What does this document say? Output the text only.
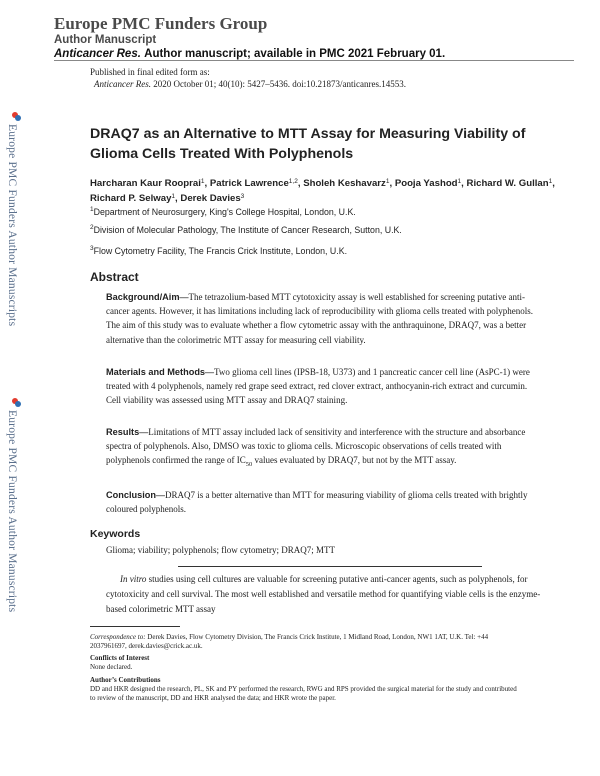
Europe PMC Funders Group
Author Manuscript
Anticancer Res. Author manuscript; available in PMC 2021 February 01.
Published in final edited form as:
Anticancer Res. 2020 October 01; 40(10): 5427–5436. doi:10.21873/anticanres.14553.
Europe PMC Funders Author Manuscripts
Europe PMC Funders Author Manuscripts
DRAQ7 as an Alternative to MTT Assay for Measuring Viability of Glioma Cells Treated With Polyphenols
Harcharan Kaur Rooprai$^1$, Patrick Lawrence$^{1,2}$, Sholeh Keshavarz$^1$, Pooja Yashod$^1$, Richard W. Gullan$^1$, Richard P. Selway$^1$, Derek Davies$^3$
$^1$Department of Neurosurgery, King's College Hospital, London, U.K.
$^2$Division of Molecular Pathology, The Institute of Cancer Research, Sutton, U.K.
$^3$Flow Cytometry Facility, The Francis Crick Institute, London, U.K.
Abstract
Background/Aim—The tetrazolium-based MTT cytotoxicity assay is well established for screening putative anti-cancer agents. However, it has limitations including lack of reproducibility with glioma cells treated with polyphenols. The aim of this study was to evaluate whether a flow cytometric assay with the anthraquinone, DRAQ7, was a better alternative than the colorimetric MTT assay for measuring cell viability.
Materials and Methods—Two glioma cell lines (IPSB-18, U373) and 1 pancreatic cancer cell line (AsPC-1) were treated with 4 polyphenols, namely red grape seed extract, red clover extract, anthocyanin-rich extract and curcumin. Cell viability was assessed using MTT assay and DRAQ7 staining.
Results—Limitations of MTT assay included lack of sensitivity and interference with the structure and absorbance spectra of polyphenols. Also, DMSO was toxic to glioma cells. Microscopic observations of cells treated with polyphenols confirmed the range of $IC_{50}$ values evaluated by DRAQ7, but not by the MTT assay.
Conclusion—DRAQ7 is a better alternative than MTT for measuring viability of glioma cells treated with brightly coloured polyphenols.
Keywords
Glioma; viability; polyphenols; flow cytometry; DRAQ7; MTT
In vitro studies using cell cultures are valuable for screening putative anti-cancer agents, such as polyphenols, for cytotoxicity and cell survival. The most well established and versatile method for quantifying viable cells is the enzyme-based colorimetric MTT assay
Correspondence to: Derek Davies, Flow Cytometry Division, The Francis Crick Institute, 1 Midland Road, London, NW1 1AT, U.K. Tel: +44 2037961697, derek.davies@crick.ac.uk.
Conflicts of Interest
None declared.
Author’s Contributions
DD and HKR designed the research, PL, SK and PY performed the research, RWG and RPS provided the surgical material for the study and contributed to review of the manuscript, DD and HKR analysed the data; and HKR wrote the paper.
